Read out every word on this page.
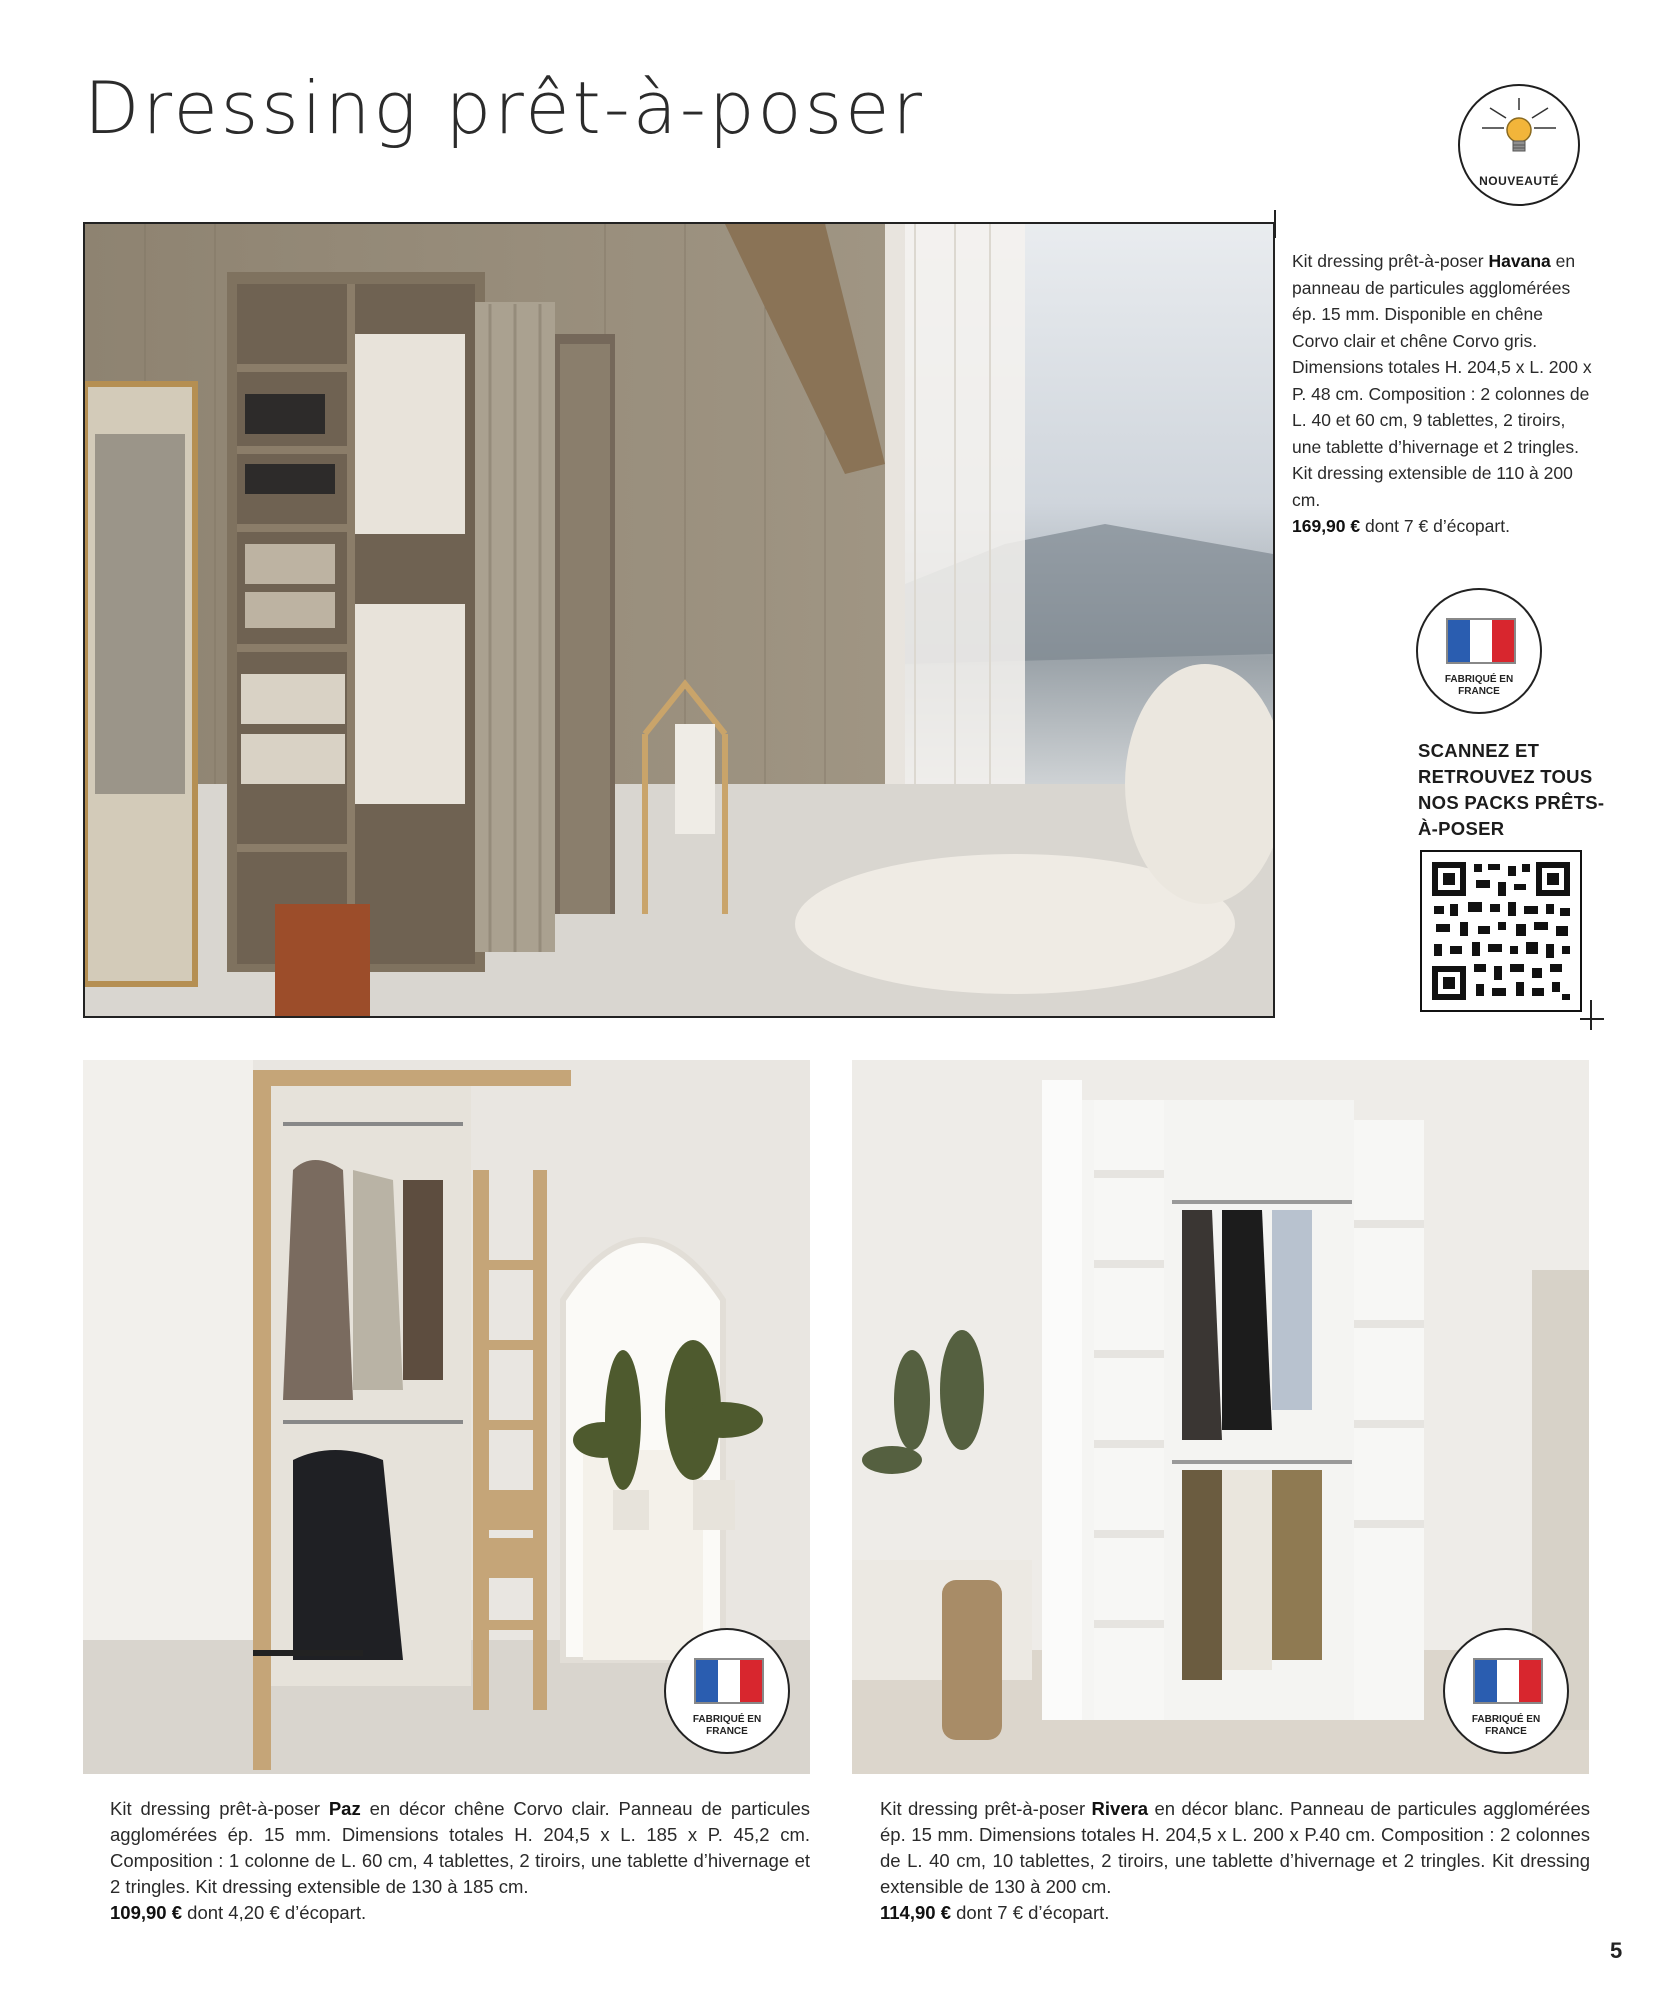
Dressing prêt-à-poser
NOUVEAUTÉ
Kit dressing prêt-à-poser Havana en panneau de particules agglomérées ép. 15 mm. Disponible en chêne Corvo clair et chêne Corvo gris. Dimensions totales H. 204,5 x L. 200 x P. 48 cm. Composition : 2 colonnes de L. 40 et 60 cm, 9 tablettes, 2 tiroirs, une tablette d’hivernage et 2 tringles. Kit dressing extensible de 110 à 200 cm.
169,90 € dont 7 € d’écopart.
FABRIQUÉ EN
FRANCE
SCANNEZ ET RETROUVEZ TOUS NOS PACKS PRÊTS-À-POSER
FABRIQUÉ EN
FRANCE
FABRIQUÉ EN
FRANCE
Kit dressing prêt-à-poser Paz en décor chêne Corvo clair. Panneau de particules agglomérées ép. 15 mm. Dimensions totales H. 204,5 x L. 185 x P. 45,2 cm. Composition : 1 colonne de L. 60 cm, 4 tablettes, 2 tiroirs, une tablette d’hivernage et 2 tringles. Kit dressing extensible de 130 à 185 cm.
109,90 € dont 4,20 € d’écopart.
Kit dressing prêt-à-poser Rivera en décor blanc. Panneau de particules agglomérées ép. 15 mm. Dimensions totales H. 204,5 x L. 200 x P.40 cm. Composition : 2 colonnes de L. 40 cm, 10 tablettes, 2 tiroirs, une tablette d’hivernage et 2 tringles. Kit dressing extensible de 130 à 200 cm.
114,90 € dont 7 € d’écopart.
5
